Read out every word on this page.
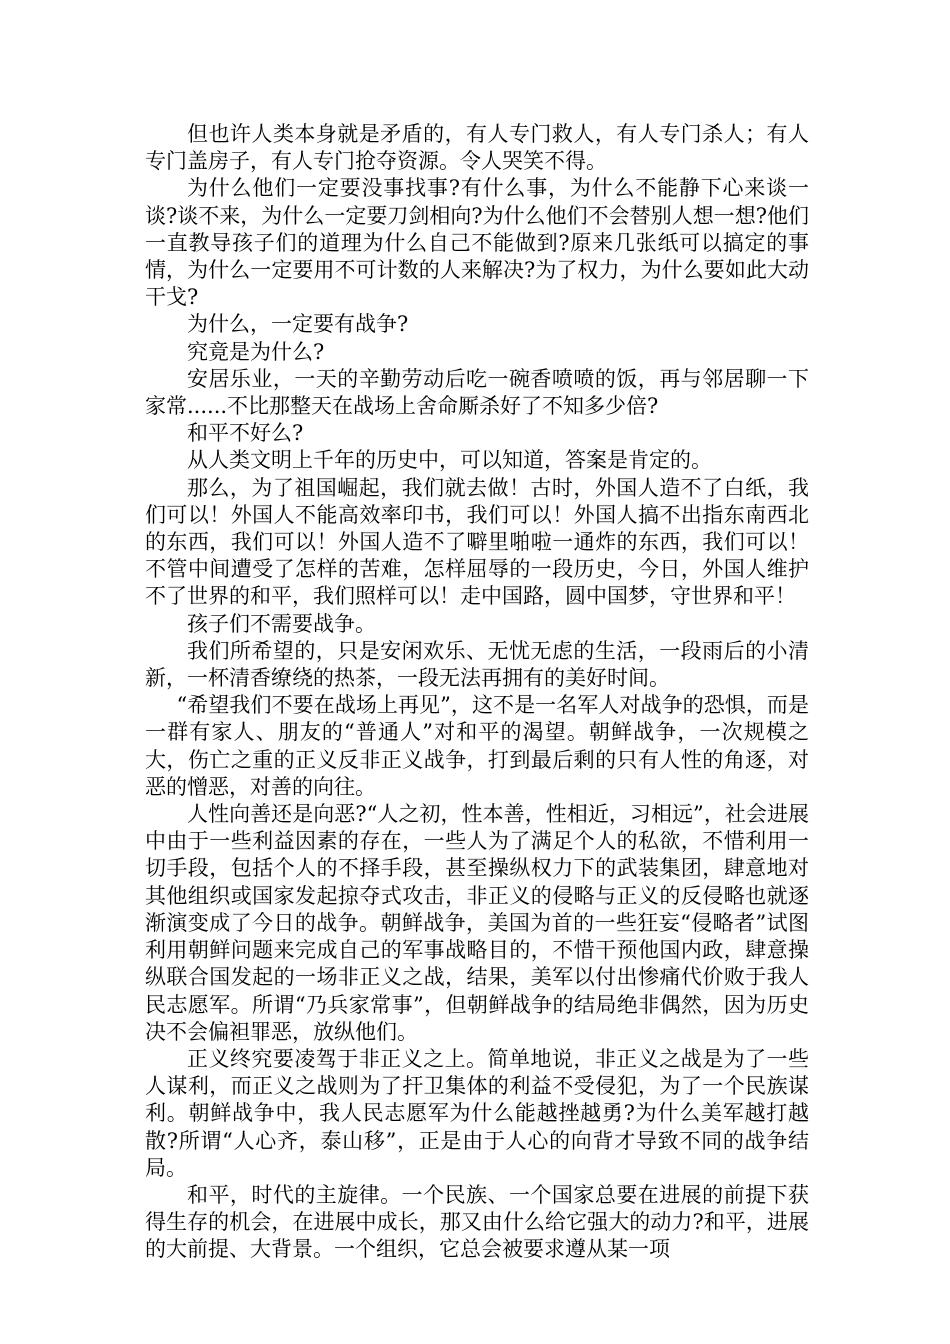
但也许人类本身就是矛盾的，有人专门救人，有人专门杀人；有人专门盖房子，有人专门抢夺资源。令人哭笑不得。

为什么他们一定要没事找事?有什么事，为什么不能静下心来谈一谈?谈不来，为什么一定要刀剑相向?为什么他们不会替别人想一想?他们一直教导孩子们的道理为什么自己不能做到?原来几张纸可以搞定的事情，为什么一定要用不可计数的人来解决?为了权力，为什么要如此大动干戈?

为什么，一定要有战争?

究竟是为什么?

安居乐业，一天的辛勤劳动后吃一碗香喷喷的饭，再与邻居聊一下家常......不比那整天在战场上舍命厮杀好了不知多少倍?

和平不好么?

从人类文明上千年的历史中，可以知道，答案是肯定的。

那么，为了祖国崛起，我们就去做！古时，外国人造不了白纸，我们可以！外国人不能高效率印书，我们可以！外国人搞不出指东南西北的东西，我们可以！外国人造不了噼里啪啦一通炸的东西，我们可以！不管中间遭受了怎样的苦难，怎样屈辱的一段历史，今日，外国人维护不了世界的和平，我们照样可以！走中国路，圆中国梦，守世界和平！

孩子们不需要战争。

我们所希望的，只是安闲欢乐、无忧无虑的生活，一段雨后的小清新，一杯清香缭绕的热茶，一段无法再拥有的美好时间。

“希望我们不要在战场上再见”，这不是一名军人对战争的恐惧，而是一群有家人、朋友的“普通人”对和平的渴望。朝鲜战争，一次规模之大，伤亡之重的正义反非正义战争，打到最后剩的只有人性的角逐，对恶的憎恶，对善的向往。

人性向善还是向恶?“人之初，性本善，性相近，习相远”，社会进展中由于一些利益因素的存在，一些人为了满足个人的私欲，不惜利用一切手段，包括个人的不择手段，甚至操纵权力下的武装集团，肆意地对其他组织或国家发起掠夺式攻击，非正义的侵略与正义的反侵略也就逐渐演变成了今日的战争。朝鲜战争，美国为首的一些狂妄“侵略者”试图利用朝鲜问题来完成自己的军事战略目的，不惜干预他国内政，肆意操纵联合国发起的一场非正义之战，结果，美军以付出惨痛代价败于我人民志愿军。所谓“乃兵家常事”，但朝鲜战争的结局绝非偶然，因为历史决不会偏袒罪恶，放纵他们。

正义终究要凌驾于非正义之上。简单地说，非正义之战是为了一些人谋利，而正义之战则为了扞卫集体的利益不受侵犯，为了一个民族谋利。朝鲜战争中，我人民志愿军为什么能越挫越勇?为什么美军越打越散?所谓“人心齐，泰山移”，正是由于人心的向背才导致不同的战争结局。

和平，时代的主旋律。一个民族、一个国家总要在进展的前提下获得生存的机会，在进展中成长，那又由什么给它强大的动力?和平，进展的大前提、大背景。一个组织，它总会被要求遵从某一项
